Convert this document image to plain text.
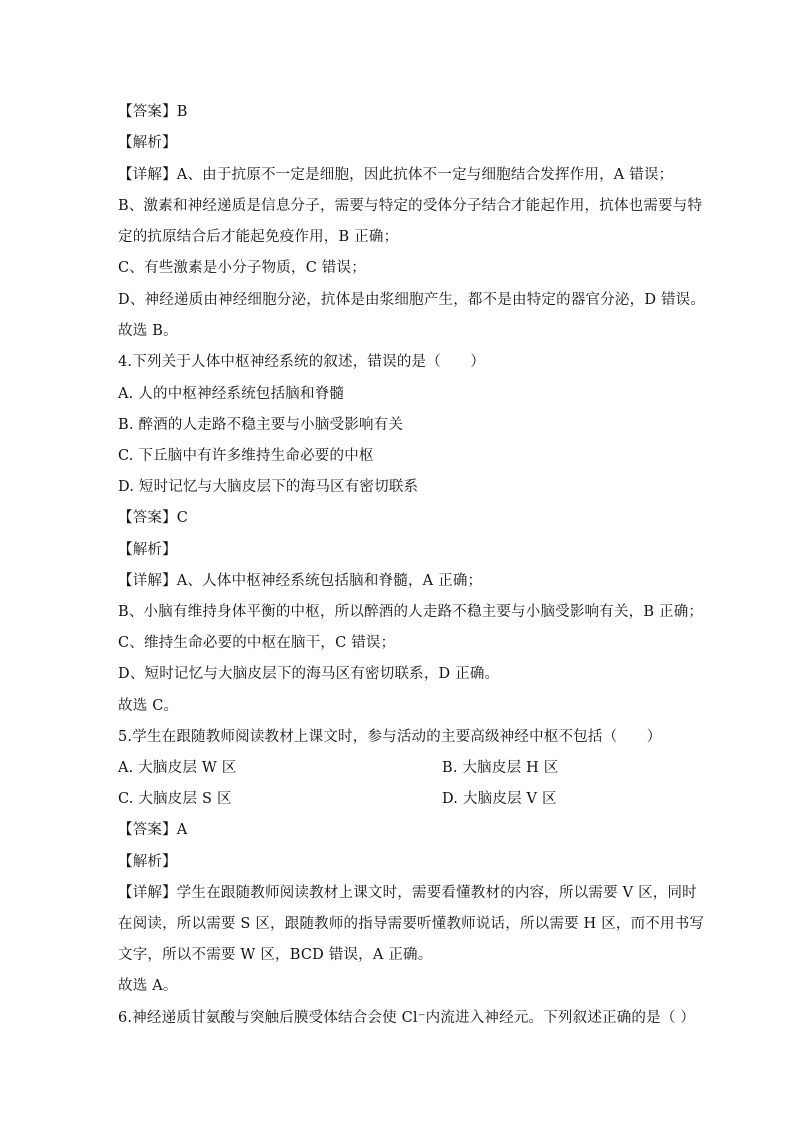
【答案】B
【解析】
【详解】A、由于抗原不一定是细胞，因此抗体不一定与细胞结合发挥作用，A 错误；
B、激素和神经递质是信息分子，需要与特定的受体分子结合才能起作用，抗体也需要与特
定的抗原结合后才能起免疫作用，B 正确；
C、有些激素是小分子物质，C 错误；
D、神经递质由神经细胞分泌，抗体是由浆细胞产生，都不是由特定的器官分泌，D 错误。
故选 B。
4.下列关于人体中枢神经系统的叙述，错误的是（　　）
A. 人的中枢神经系统包括脑和脊髓
B. 醉酒的人走路不稳主要与小脑受影响有关
C. 下丘脑中有许多维持生命必要的中枢
D. 短时记忆与大脑皮层下的海马区有密切联系
【答案】C
【解析】
【详解】A、人体中枢神经系统包括脑和脊髓，A 正确；
B、小脑有维持身体平衡的中枢，所以醉酒的人走路不稳主要与小脑受影响有关，B 正确；
C、维持生命必要的中枢在脑干，C 错误；
D、短时记忆与大脑皮层下的海马区有密切联系，D 正确。
故选 C。
5.学生在跟随教师阅读教材上课文时，参与活动的主要高级神经中枢不包括（　　）
A. 大脑皮层 W 区	B. 大脑皮层 H 区
C. 大脑皮层 S 区	D. 大脑皮层 V 区
【答案】A
【解析】
【详解】学生在跟随教师阅读教材上课文时，需要看懂教材的内容，所以需要 V 区，同时
在阅读，所以需要 S 区，跟随教师的指导需要听懂教师说话，所以需要 H 区，而不用书写
文字，所以不需要 W 区，BCD 错误，A 正确。
故选 A。
6.神经递质甘氨酸与突触后膜受体结合会使 Cl⁻内流进入神经元。下列叙述正确的是（ ）
